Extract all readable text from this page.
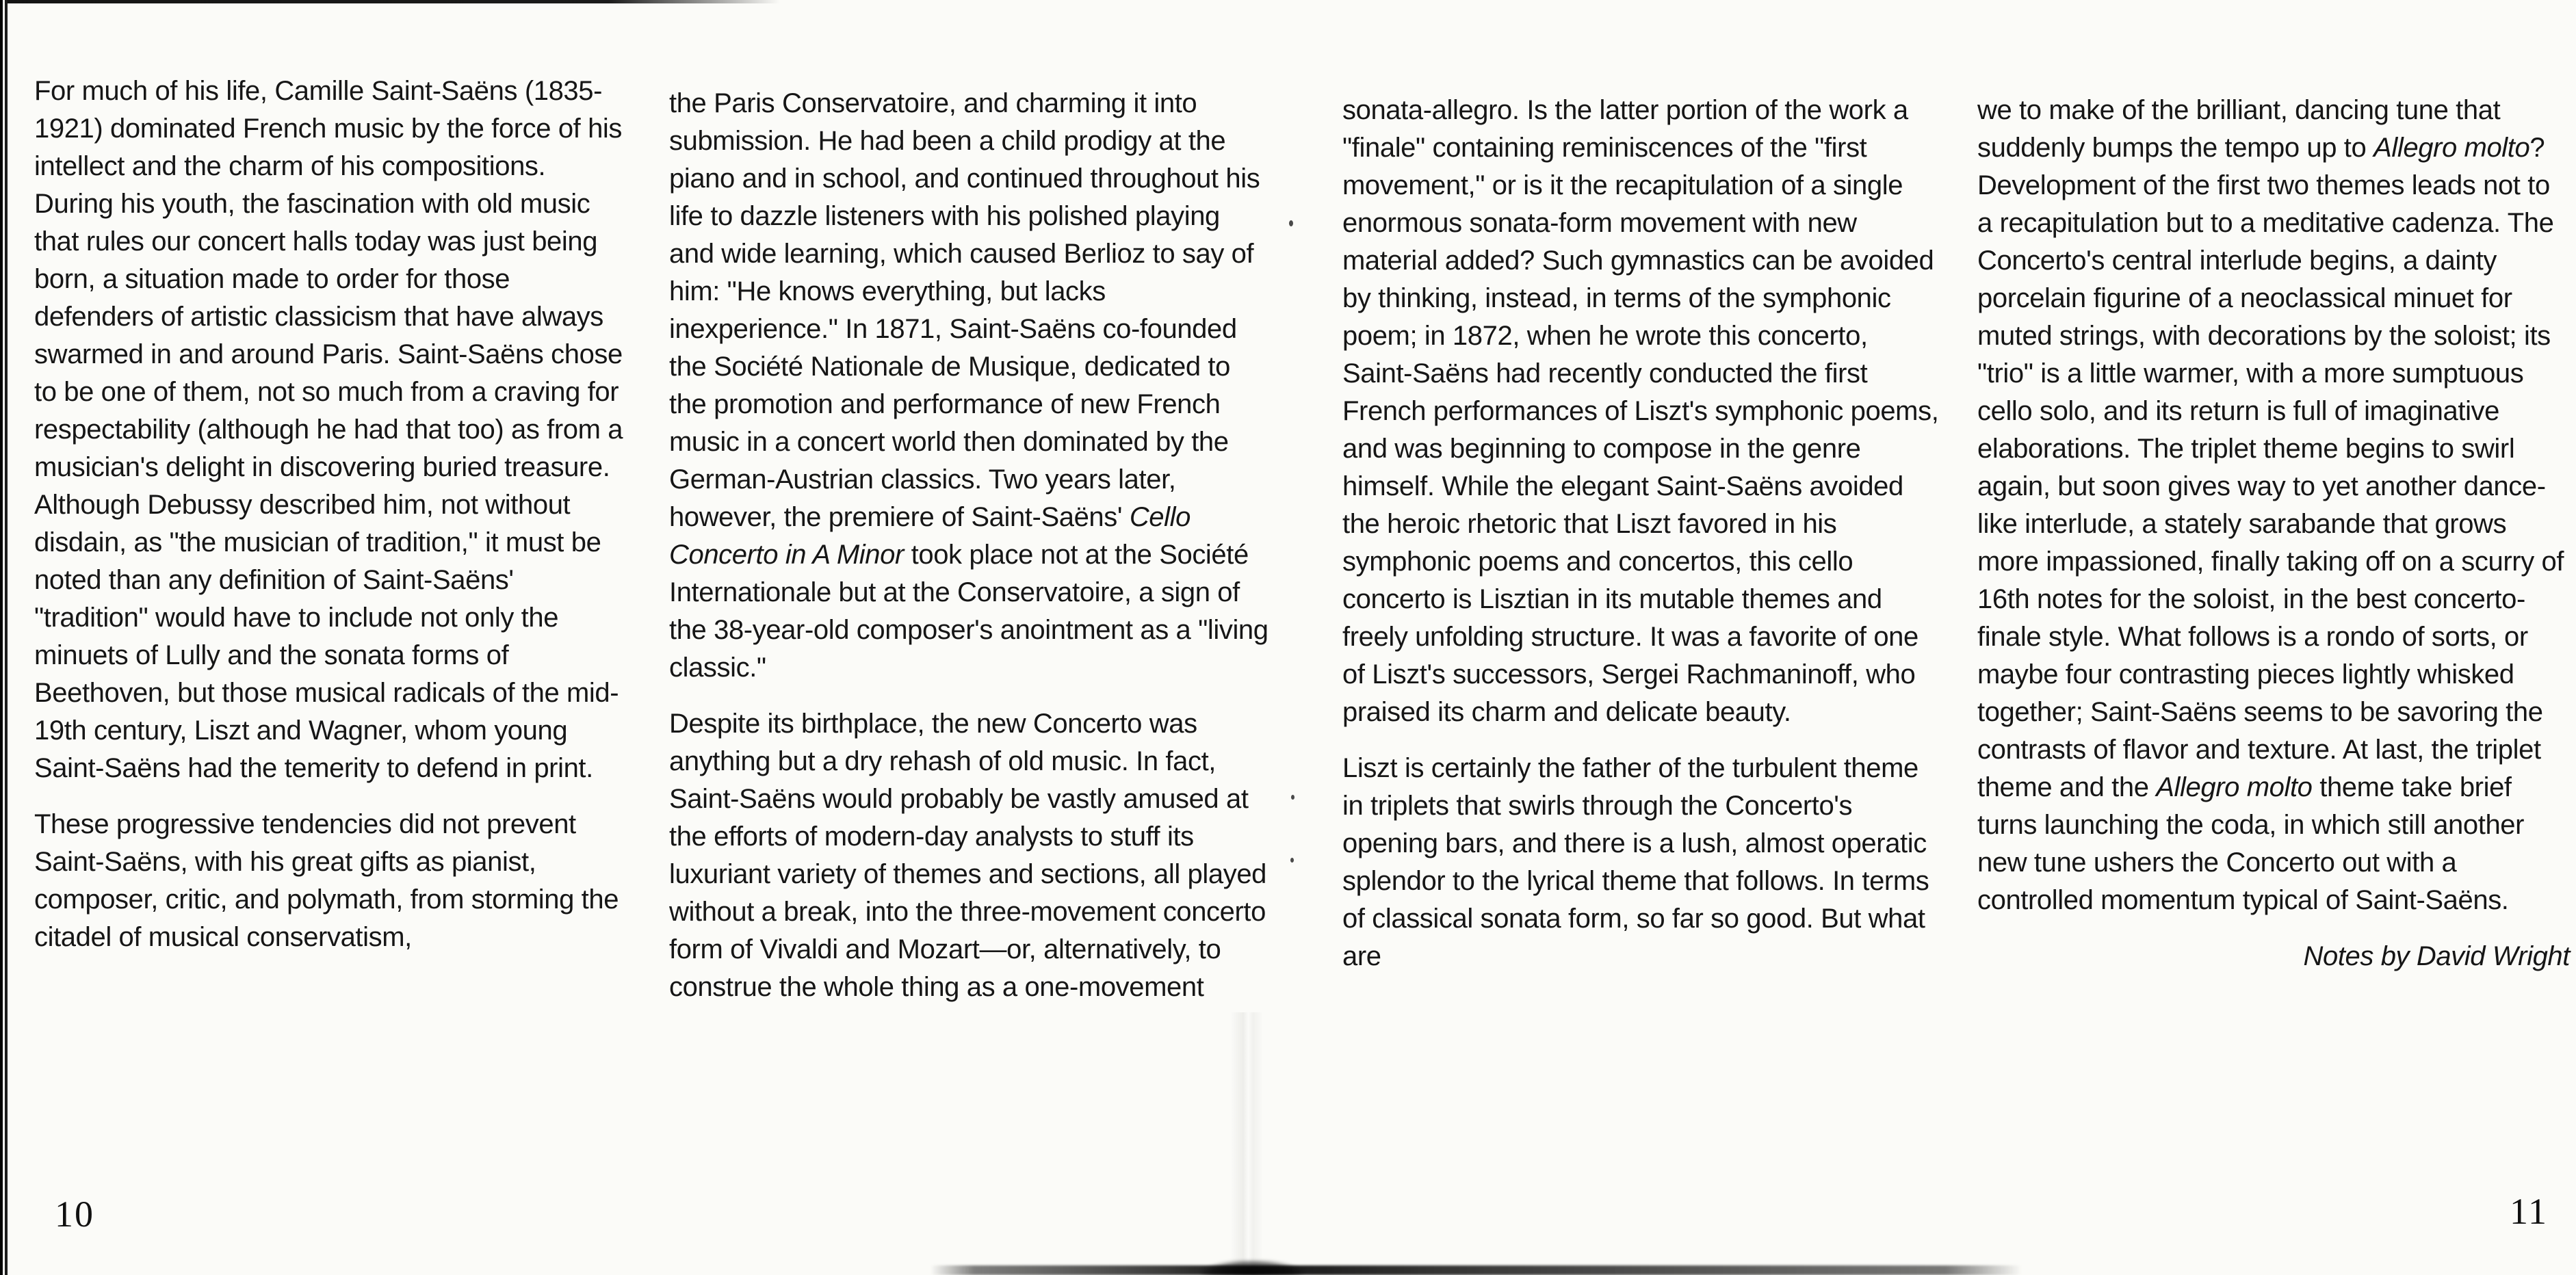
For much of his life, Camille Saint-Saëns (1835-1921) dominated French music by the force of his intellect and the charm of his compositions. During his youth, the fascination with old music that rules our concert halls today was just being born, a situation made to order for those defenders of artistic classicism that have always swarmed in and around Paris. Saint-Saëns chose to be one of them, not so much from a craving for respectability (although he had that too) as from a musician's delight in discovering buried treasure. Although Debussy described him, not without disdain, as "the musician of tradition," it must be noted than any definition of Saint-Saëns' "tradition" would have to include not only the minuets of Lully and the sonata forms of Beethoven, but those musical radicals of the mid-19th century, Liszt and Wagner, whom young Saint-Saëns had the temerity to defend in print.

These progressive tendencies did not prevent Saint-Saëns, with his great gifts as pianist, composer, critic, and polymath, from storming the citadel of musical conservatism,

the Paris Conservatoire, and charming it into submission. He had been a child prodigy at the piano and in school, and continued throughout his life to dazzle listeners with his polished playing and wide learning, which caused Berlioz to say of him: "He knows everything, but lacks inexperience." In 1871, Saint-Saëns co-founded the Société Nationale de Musique, dedicated to the promotion and performance of new French music in a concert world then dominated by the German-Austrian classics. Two years later, however, the premiere of Saint-Saëns' Cello Concerto in A Minor took place not at the Société Internationale but at the Conservatoire, a sign of the 38-year-old composer's anointment as a "living classic."

Despite its birthplace, the new Concerto was anything but a dry rehash of old music. In fact, Saint-Saëns would probably be vastly amused at the efforts of modern-day analysts to stuff its luxuriant variety of themes and sections, all played without a break, into the three-movement concerto form of Vivaldi and Mozart—or, alternatively, to construe the whole thing as a one-movement

sonata-allegro. Is the latter portion of the work a "finale" containing reminiscences of the "first movement," or is it the recapitulation of a single enormous sonata-form movement with new material added? Such gymnastics can be avoided by thinking, instead, in terms of the symphonic poem; in 1872, when he wrote this concerto, Saint-Saëns had recently conducted the first French performances of Liszt's symphonic poems, and was beginning to compose in the genre himself. While the elegant Saint-Saëns avoided the heroic rhetoric that Liszt favored in his symphonic poems and concertos, this cello concerto is Lisztian in its mutable themes and freely unfolding structure. It was a favorite of one of Liszt's successors, Sergei Rachmaninoff, who praised its charm and delicate beauty.

Liszt is certainly the father of the turbulent theme in triplets that swirls through the Concerto's opening bars, and there is a lush, almost operatic splendor to the lyrical theme that follows. In terms of classical sonata form, so far so good. But what are

we to make of the brilliant, dancing tune that suddenly bumps the tempo up to Allegro molto? Development of the first two themes leads not to a recapitulation but to a meditative cadenza. The Concerto's central interlude begins, a dainty porcelain figurine of a neoclassical minuet for muted strings, with decorations by the soloist; its "trio" is a little warmer, with a more sumptuous cello solo, and its return is full of imaginative elaborations. The triplet theme begins to swirl again, but soon gives way to yet another dance-like interlude, a stately sarabande that grows more impassioned, finally taking off on a scurry of 16th notes for the soloist, in the best concerto-finale style. What follows is a rondo of sorts, or maybe four contrasting pieces lightly whisked together; Saint-Saëns seems to be savoring the contrasts of flavor and texture. At last, the triplet theme and the Allegro molto theme take brief turns launching the coda, in which still another new tune ushers the Concerto out with a controlled momentum typical of Saint-Saëns.

Notes by David Wright

10	11
